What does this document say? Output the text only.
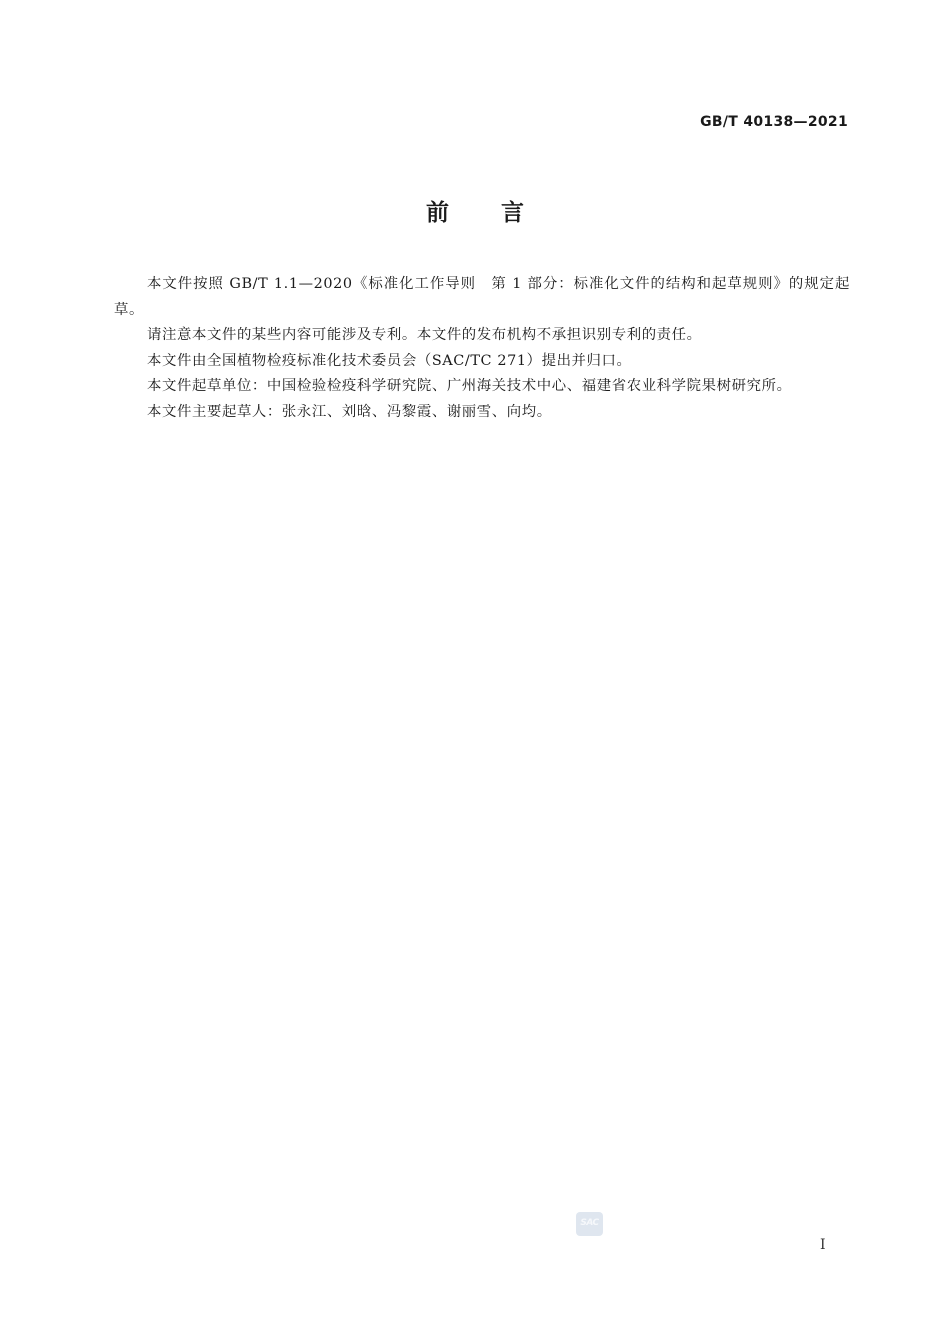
GB/T 40138—2021
前言

本文件按照 GB/T 1.1—2020《标准化工作导则　第 1 部分：标准化文件的结构和起草规则》的规定起草。

请注意本文件的某些内容可能涉及专利。本文件的发布机构不承担识别专利的责任。

本文件由全国植物检疫标准化技术委员会（SAC/TC 271）提出并归口。

本文件起草单位：中国检验检疫科学研究院、广州海关技术中心、福建省农业科学院果树研究所。

本文件主要起草人：张永江、刘晗、冯黎霞、谢丽雪、向均。

SAC
I
